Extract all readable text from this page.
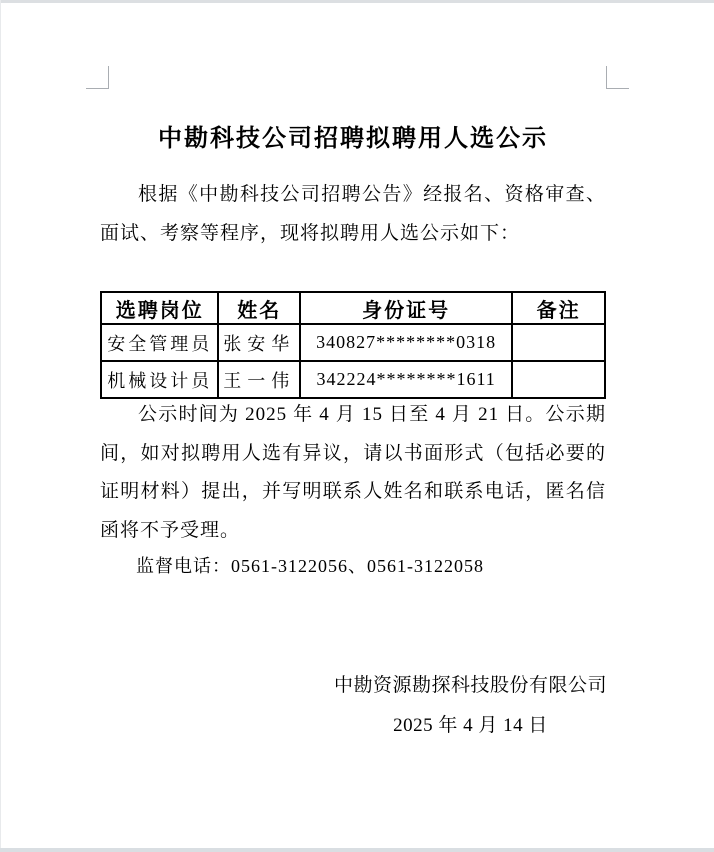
中勘科技公司招聘拟聘用人选公示
根据《中勘科技公司招聘公告》经报名、资格审查、面试、考察等程序，现将拟聘用人选公示如下：
选聘岗位	姓名	身份证号	备注
安全管理员	张安华	340827********0318	
机械设计员	王一伟	342224********1611	
公示时间为 2025 年 4 月 15 日至 4 月 21 日。公示期间，如对拟聘用人选有异议，请以书面形式（包括必要的证明材料）提出，并写明联系人姓名和联系电话，匿名信函将不予受理。
监督电话：0561-3122056、0561-3122058
中勘资源勘探科技股份有限公司
2025 年 4 月 14 日
